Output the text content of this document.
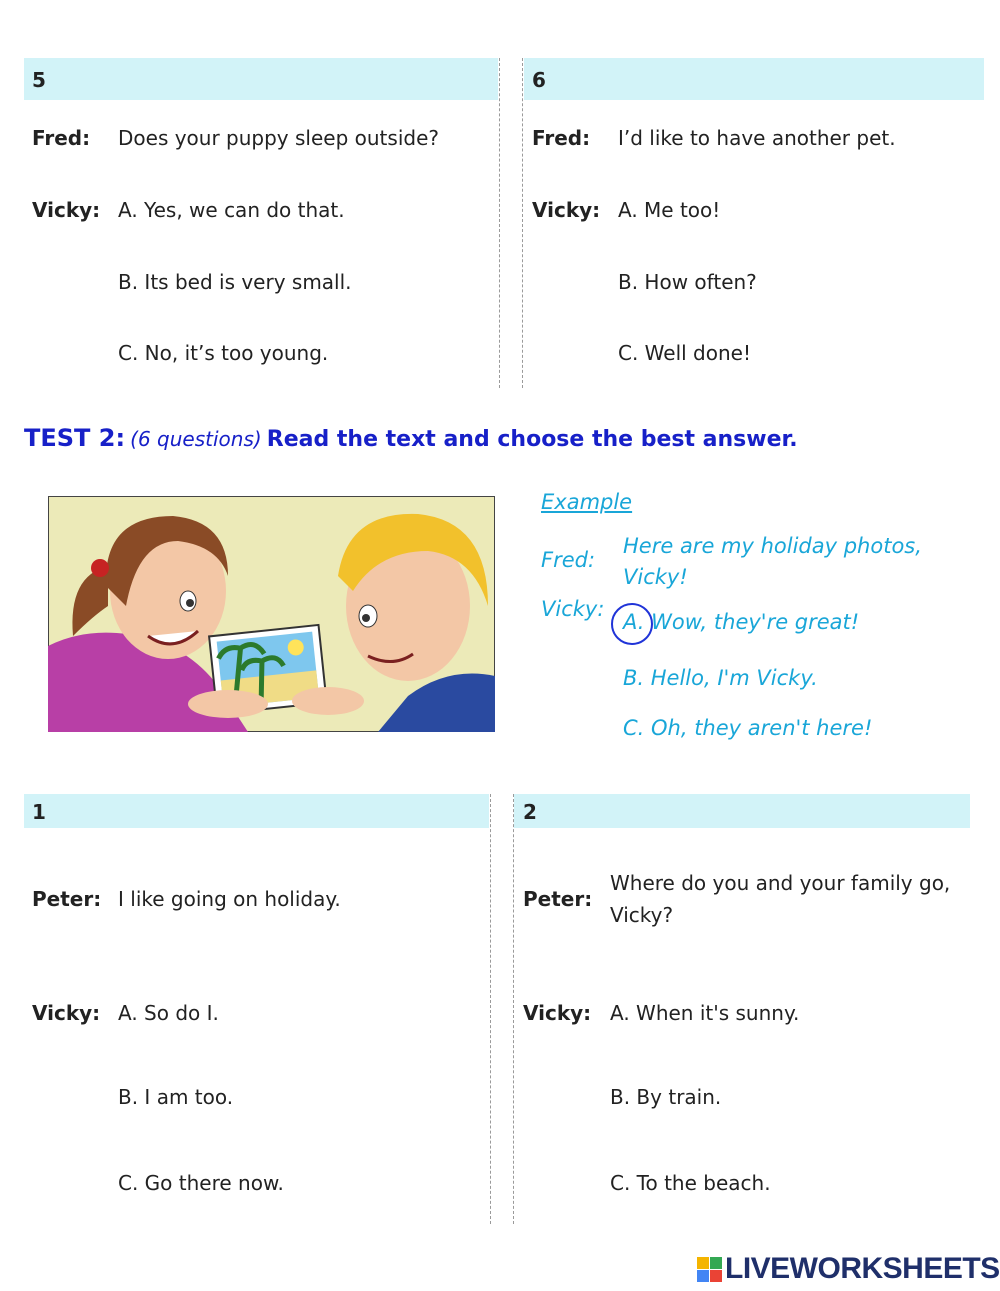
5	6
Fred: Does your puppy sleep outside?
Vicky: A. Yes, we can do that.
B. Its bed is very small.
C. No, it’s too young.
Fred: I’d like to have another pet.
Vicky: A. Me too!
B. How often?
C. Well done!
TEST 2: (6 questions) Read the text and choose the best answer.
Example
Fred:
Here are my holiday photos,
Vicky!
Vicky:
A. Wow, they're great!
B. Hello, I'm Vicky.
C. Oh, they aren't here!
1	2
Peter: I like going on holiday.
Vicky: A. So do I.
B. I am too.
C. Go there now.
Peter:
Where do you and your family go, Vicky?
Vicky: A. When it's sunny.
B. By train.
C. To the beach.
LIVEWORKSHEETS
